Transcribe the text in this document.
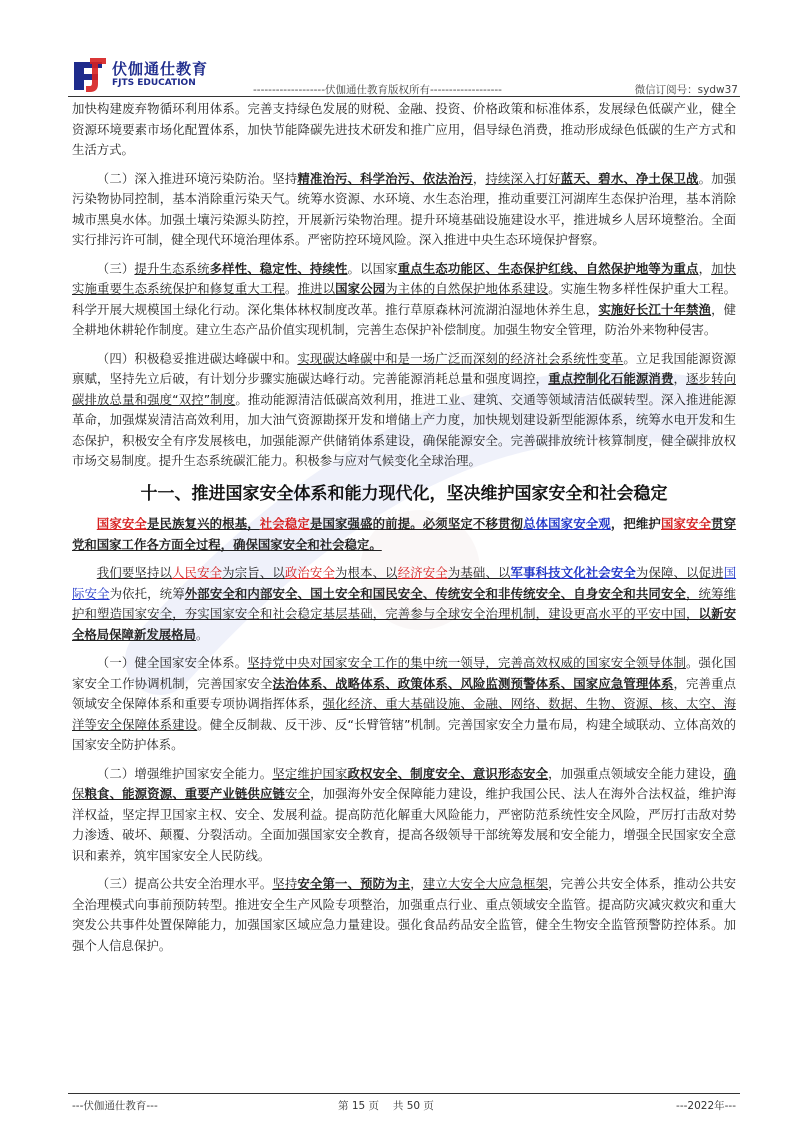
伏伽通仕教育
FJTS EDUCATION
-------------------伏伽通仕教育版权所有-------------------	微信订阅号：sydw37

加快构建废弃物循环利用体系。完善支持绿色发展的财税、金融、投资、价格政策和标准体系，发展绿色低碳产业，健全资源环境要素市场化配置体系，加快节能降碳先进技术研发和推广应用，倡导绿色消费，推动形成绿色低碳的生产方式和生活方式。

（二）深入推进环境污染防治。坚持精准治污、科学治污、依法治污，持续深入打好蓝天、碧水、净土保卫战。加强污染物协同控制，基本消除重污染天气。统筹水资源、水环境、水生态治理，推动重要江河湖库生态保护治理，基本消除城市黑臭水体。加强土壤污染源头防控，开展新污染物治理。提升环境基础设施建设水平，推进城乡人居环境整治。全面实行排污许可制，健全现代环境治理体系。严密防控环境风险。深入推进中央生态环境保护督察。

（三）提升生态系统多样性、稳定性、持续性。以国家重点生态功能区、生态保护红线、自然保护地等为重点，加快实施重要生态系统保护和修复重大工程。推进以国家公园为主体的自然保护地体系建设。实施生物多样性保护重大工程。科学开展大规模国土绿化行动。深化集体林权制度改革。推行草原森林河流湖泊湿地休养生息，实施好长江十年禁渔，健全耕地休耕轮作制度。建立生态产品价值实现机制，完善生态保护补偿制度。加强生物安全管理，防治外来物种侵害。

（四）积极稳妥推进碳达峰碳中和。实现碳达峰碳中和是一场广泛而深刻的经济社会系统性变革。立足我国能源资源禀赋，坚持先立后破，有计划分步骤实施碳达峰行动。完善能源消耗总量和强度调控，重点控制化石能源消费，逐步转向碳排放总量和强度“双控”制度。推动能源清洁低碳高效利用，推进工业、建筑、交通等领域清洁低碳转型。深入推进能源革命，加强煤炭清洁高效利用，加大油气资源勘探开发和增储上产力度，加快规划建设新型能源体系，统筹水电开发和生态保护，积极安全有序发展核电，加强能源产供储销体系建设，确保能源安全。完善碳排放统计核算制度，健全碳排放权市场交易制度。提升生态系统碳汇能力。积极参与应对气候变化全球治理。

十一、推进国家安全体系和能力现代化，坚决维护国家安全和社会稳定

国家安全是民族复兴的根基，社会稳定是国家强盛的前提。必须坚定不移贯彻总体国家安全观，把维护国家安全贯穿党和国家工作各方面全过程，确保国家安全和社会稳定。

我们要坚持以人民安全为宗旨、以政治安全为根本、以经济安全为基础、以军事科技文化社会安全为保障、以促进国际安全为依托，统筹外部安全和内部安全、国土安全和国民安全、传统安全和非传统安全、自身安全和共同安全，统筹维护和塑造国家安全，夯实国家安全和社会稳定基层基础，完善参与全球安全治理机制，建设更高水平的平安中国，以新安全格局保障新发展格局。

（一）健全国家安全体系。坚持党中央对国家安全工作的集中统一领导，完善高效权威的国家安全领导体制。强化国家安全工作协调机制，完善国家安全法治体系、战略体系、政策体系、风险监测预警体系、国家应急管理体系，完善重点领域安全保障体系和重要专项协调指挥体系，强化经济、重大基础设施、金融、网络、数据、生物、资源、核、太空、海洋等安全保障体系建设。健全反制裁、反干涉、反“长臂管辖”机制。完善国家安全力量布局，构建全域联动、立体高效的国家安全防护体系。

（二）增强维护国家安全能力。坚定维护国家政权安全、制度安全、意识形态安全，加强重点领域安全能力建设，确保粮食、能源资源、重要产业链供应链安全，加强海外安全保障能力建设，维护我国公民、法人在海外合法权益，维护海洋权益，坚定捍卫国家主权、安全、发展利益。提高防范化解重大风险能力，严密防范系统性安全风险，严厉打击敌对势力渗透、破坏、颠覆、分裂活动。全面加强国家安全教育，提高各级领导干部统筹发展和安全能力，增强全民国家安全意识和素养，筑牢国家安全人民防线。

（三）提高公共安全治理水平。坚持安全第一、预防为主，建立大安全大应急框架，完善公共安全体系，推动公共安全治理模式向事前预防转型。推进安全生产风险专项整治，加强重点行业、重点领域安全监管。提高防灾减灾救灾和重大突发公共事件处置保障能力，加强国家区域应急力量建设。强化食品药品安全监管，健全生物安全监管预警防控体系。加强个人信息保护。

---伏伽通仕教育---	第 15 页　 共 50 页	---2022年---
